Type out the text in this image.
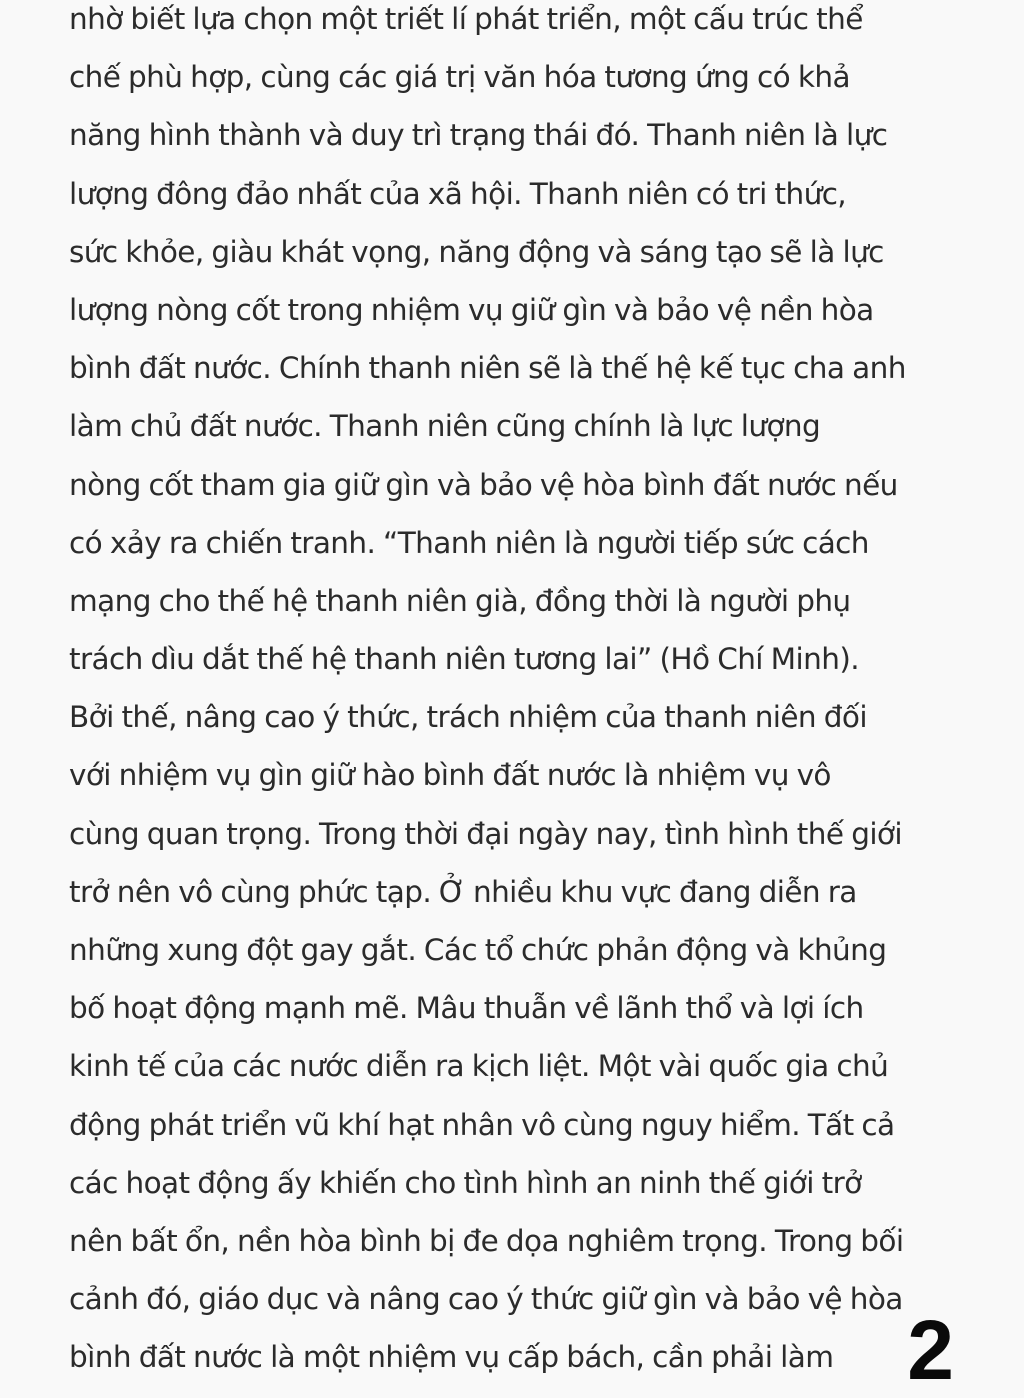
nhờ biết lựa chọn một triết lí phát triển, một cấu trúc thể
chế phù hợp, cùng các giá trị văn hóa tương ứng có khả
năng hình thành và duy trì trạng thái đó. Thanh niên là lực
lượng đông đảo nhất của xã hội. Thanh niên có tri thức,
sức khỏe, giàu khát vọng, năng động và sáng tạo sẽ là lực
lượng nòng cốt trong nhiệm vụ giữ gìn và bảo vệ nền hòa
bình đất nước. Chính thanh niên sẽ là thế hệ kế tục cha anh
làm chủ đất nước. Thanh niên cũng chính là lực lượng
nòng cốt tham gia giữ gìn và bảo vệ hòa bình đất nước nếu
có xảy ra chiến tranh. “Thanh niên là người tiếp sức cách
mạng cho thế hệ thanh niên già, đồng thời là người phụ
trách dìu dắt thế hệ thanh niên tương lai” (Hồ Chí Minh).
Bởi thế, nâng cao ý thức, trách nhiệm của thanh niên đối
với nhiệm vụ gìn giữ hào bình đất nước là nhiệm vụ vô
cùng quan trọng. Trong thời đại ngày nay, tình hình thế giới
trở nên vô cùng phức tạp. Ở nhiều khu vực đang diễn ra
những xung đột gay gắt. Các tổ chức phản động và khủng
bố hoạt động mạnh mẽ. Mâu thuẫn về lãnh thổ và lợi ích
kinh tế của các nước diễn ra kịch liệt. Một vài quốc gia chủ
động phát triển vũ khí hạt nhân vô cùng nguy hiểm. Tất cả
các hoạt động ấy khiến cho tình hình an ninh thế giới trở
nên bất ổn, nền hòa bình bị đe dọa nghiêm trọng. Trong bối
cảnh đó, giáo dục và nâng cao ý thức giữ gìn và bảo vệ hòa
bình đất nước là một nhiệm vụ cấp bách, cần phải làm 2
